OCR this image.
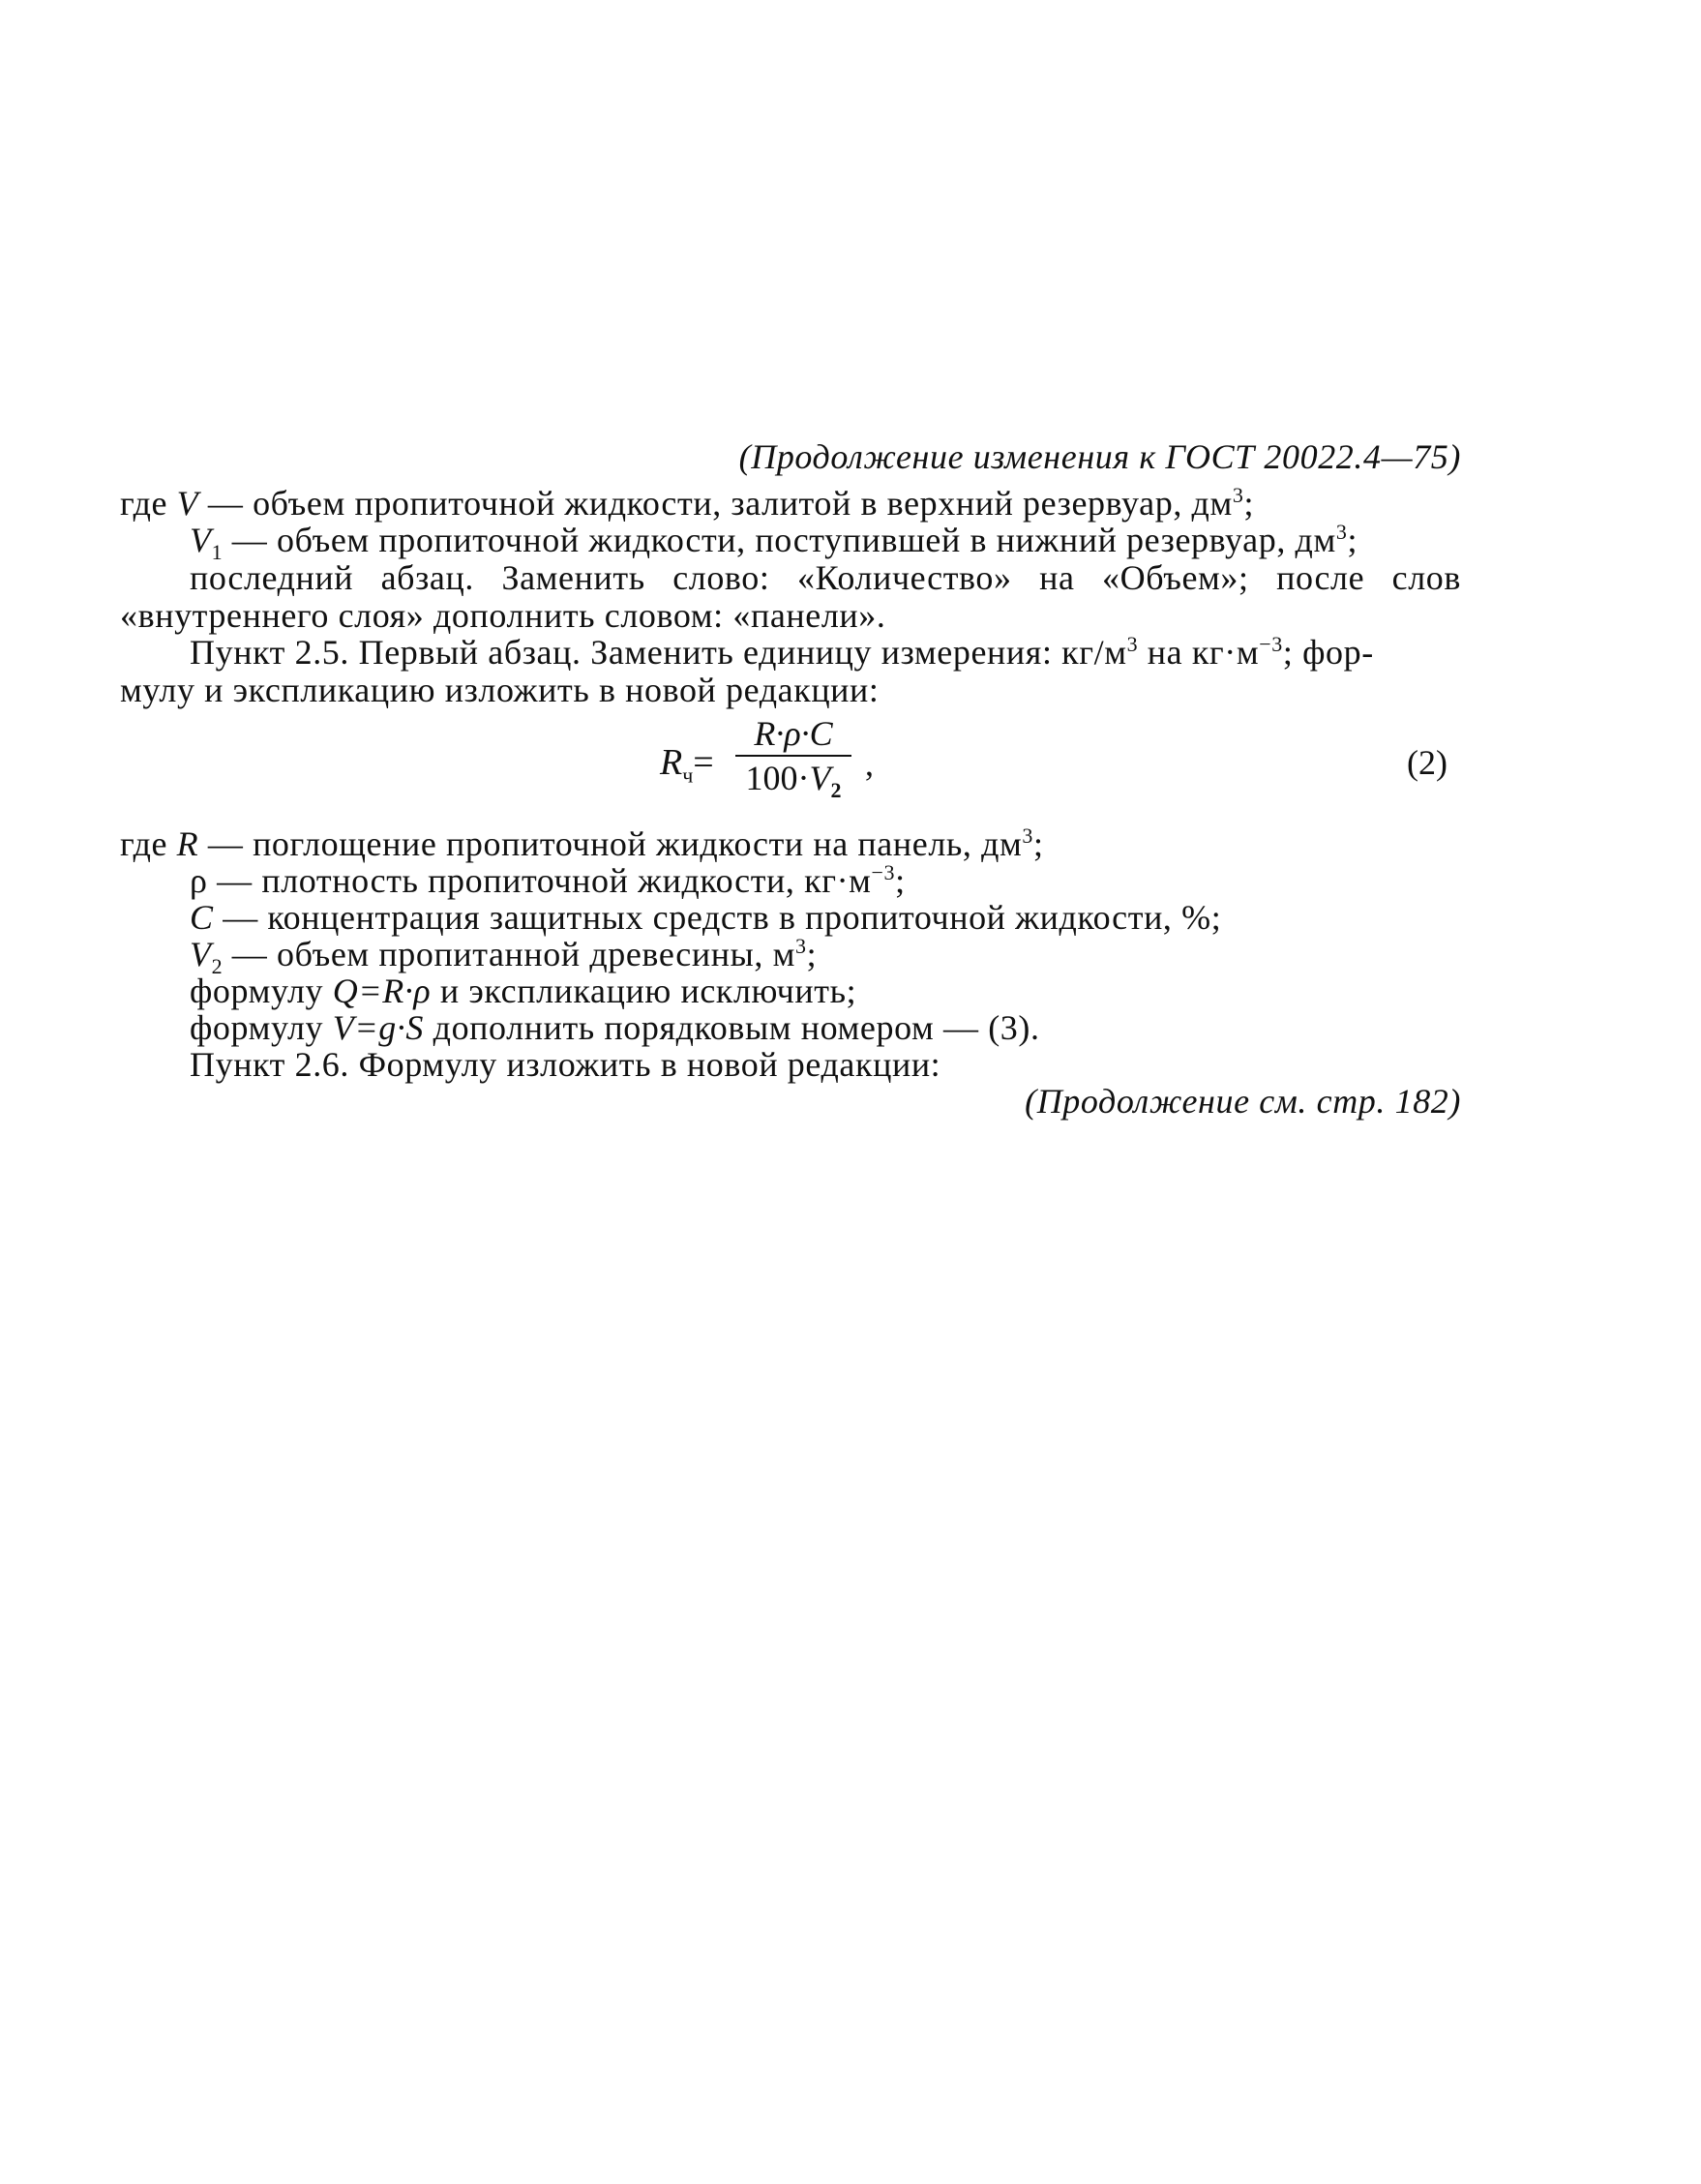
(Продолжение изменения к ГОСТ 20022.4—75)
где V — объем пропиточной жидкости, залитой в верхний резервуар, $дм^3$;
$V_1$ — объем пропиточной жидкости, поступившей в нижний резервуар, $дм^3$;
последний абзац. Заменить слово: «Количество» на «Объем»; после слов
«внутреннего слоя» дополнить словом: «панели».
Пункт 2.5. Первый абзац. Заменить единицу измерения: $кг/м^3$ на $кг\cdot м^{-3}$; фор-
мулу и экспликацию изложить в новой редакции:
$R_ч=$
R·ρ·C
$100\cdot V_2$
,	(2)
где R — поглощение пропиточной жидкости на панель, $дм^3$;
ρ — плотность пропиточной жидкости, $кг\cdot м^{-3}$;
C — концентрация защитных средств в пропиточной жидкости, %;
$V_2$ — объем пропитанной древесины, $м^3$;
формулу Q=R·ρ и экспликацию исключить;
формулу V=g·S дополнить порядковым номером — (3).
Пункт 2.6. Формулу изложить в новой редакции:
(Продолжение см. стр. 182)
